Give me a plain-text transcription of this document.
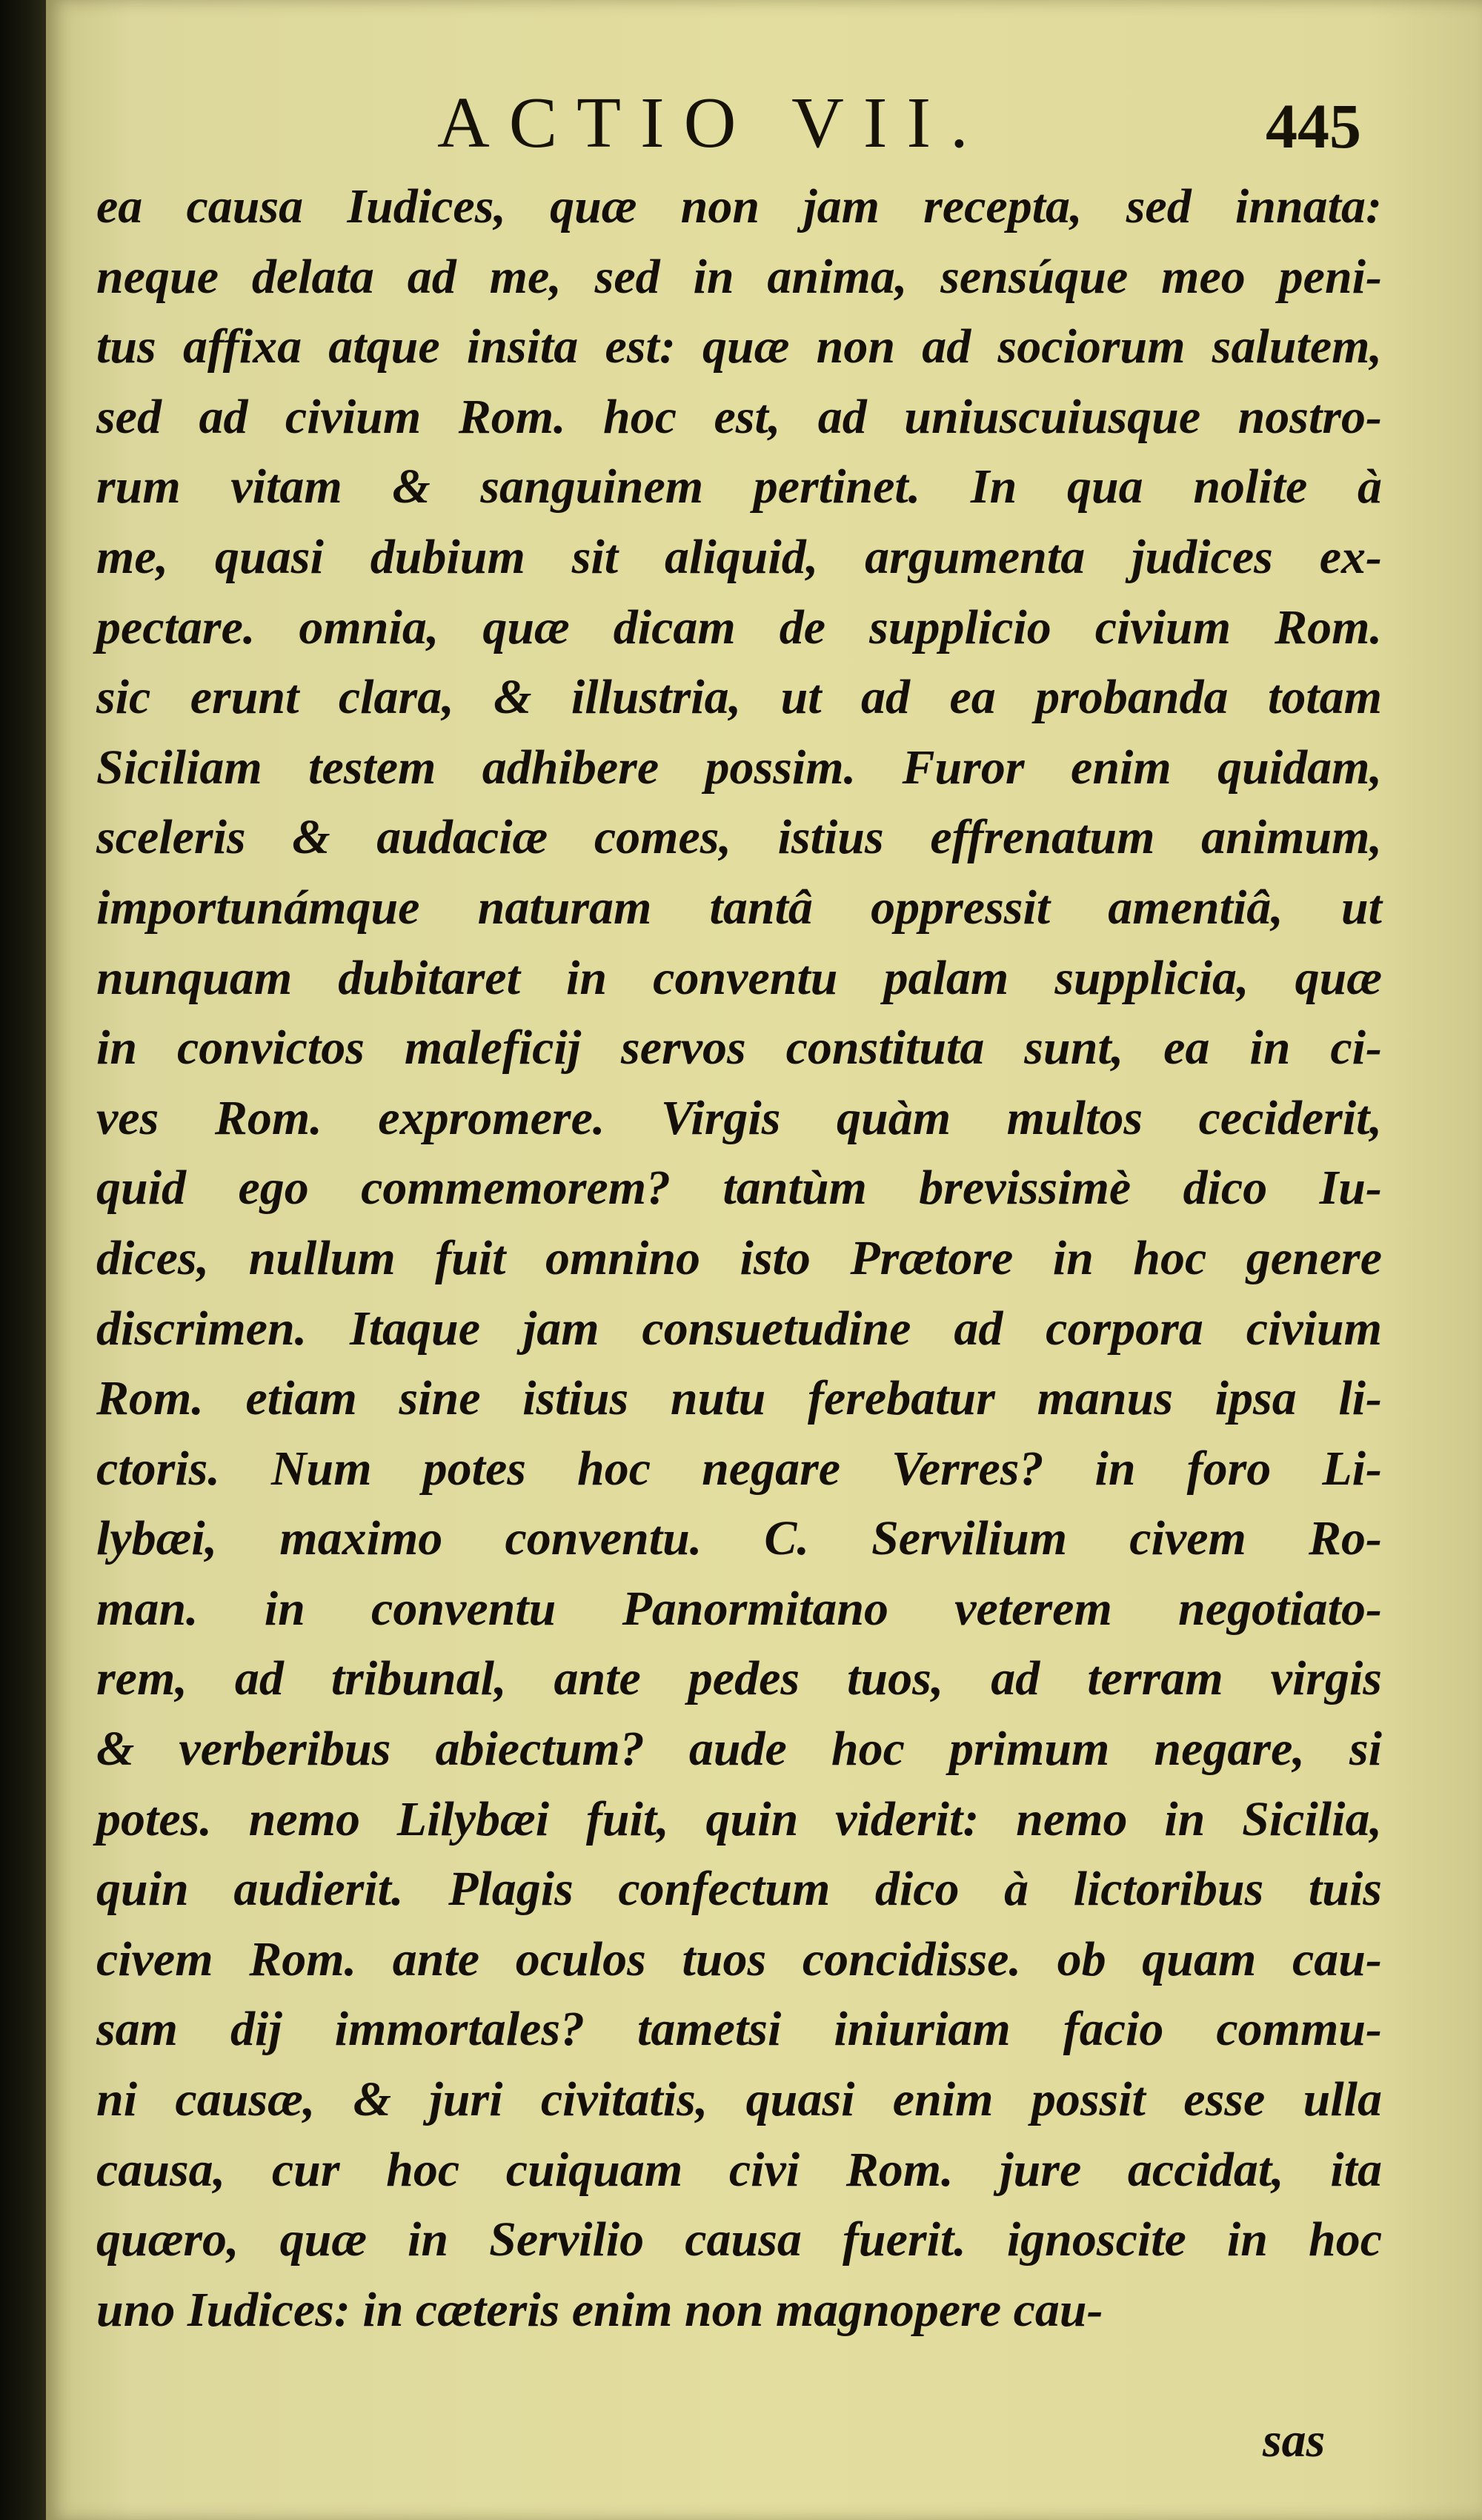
ACTIO VII.	445
ea causa Iudices, quæ non jam recepta, sed innata:
neque delata ad me, sed in anima, sensúque meo peni-
tus affixa atque insita est: quæ non ad sociorum salutem,
sed ad civium Rom. hoc est, ad uniuscuiusque nostro-
rum vitam & sanguinem pertinet. In qua nolite à
me, quasi dubium sit aliquid, argumenta judices ex-
pectare. omnia, quæ dicam de supplicio civium Rom.
sic erunt clara, & illustria, ut ad ea probanda totam
Siciliam testem adhibere possim. Furor enim quidam,
sceleris & audaciæ comes, istius effrenatum animum,
importunámque naturam tantâ oppressit amentiâ, ut
nunquam dubitaret in conventu palam supplicia, quæ
in convictos maleficij servos constituta sunt, ea in ci-
ves Rom. expromere. Virgis quàm multos ceciderit,
quid ego commemorem? tantùm brevissimè dico Iu-
dices, nullum fuit omnino isto Prætore in hoc genere
discrimen. Itaque jam consuetudine ad corpora civium
Rom. etiam sine istius nutu ferebatur manus ipsa li-
ctoris. Num potes hoc negare Verres? in foro Li-
lybæi, maximo conventu. C. Servilium civem Ro-
man. in conventu Panormitano veterem negotiato-
rem, ad tribunal, ante pedes tuos, ad terram virgis
& verberibus abiectum? aude hoc primum negare, si
potes. nemo Lilybæi fuit, quin viderit: nemo in Sicilia,
quin audierit. Plagis confectum dico à lictoribus tuis
civem Rom. ante oculos tuos concidisse. ob quam cau-
sam dij immortales? tametsi iniuriam facio commu-
ni causæ, & juri civitatis, quasi enim possit esse ulla
causa, cur hoc cuiquam civi Rom. jure accidat, ita
quæro, quæ in Servilio causa fuerit. ignoscite in hoc
uno Iudices: in cæteris enim non magnopere cau-
sas
